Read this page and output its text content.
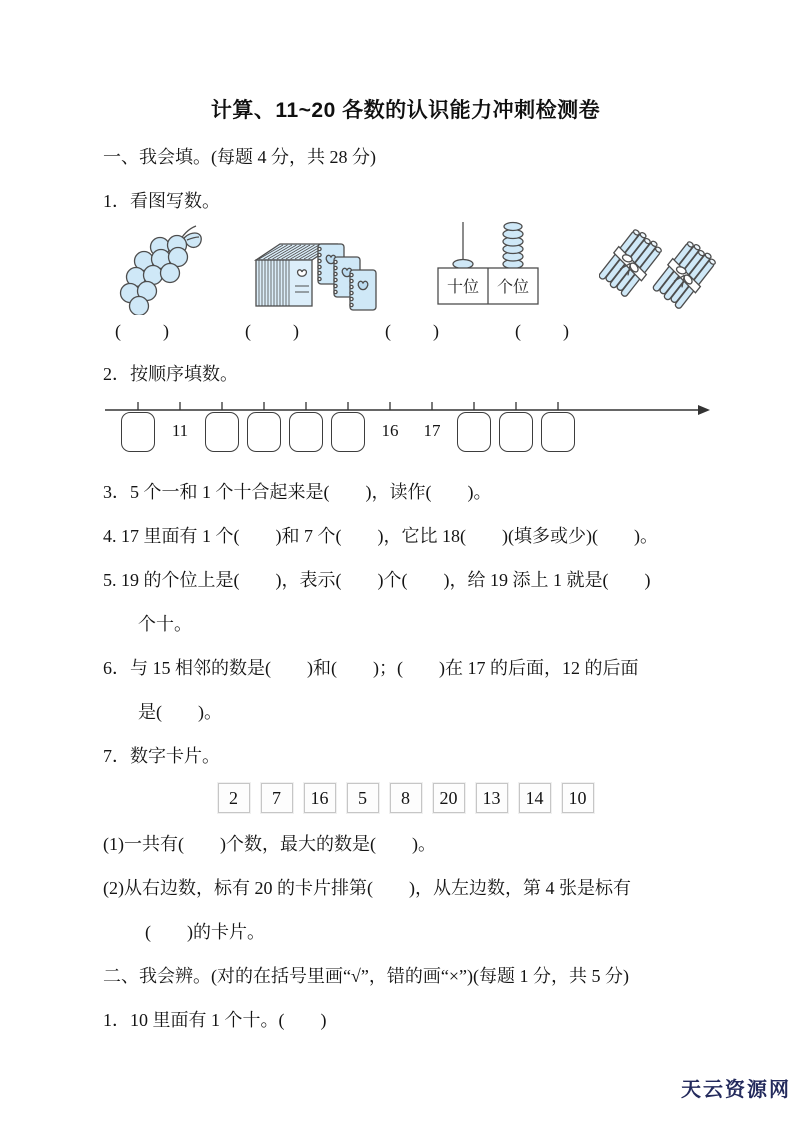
计算、11~20 各数的认识能力冲刺检测卷

一、我会填。(每题 4 分，共 28 分)

1．看图写数。

十位 个位
(　　)	(　　)	(　　)	(　　)

2．按顺序填数。

11	16	17

3．5 个一和 1 个十合起来是(　　)，读作(　　)。

4. 17 里面有 1 个(　　)和 7 个(　　)，它比 18(　　)(填多或少)(　　)。

5. 19 的个位上是(　　)，表示(　　)个(　　)，给 19 添上 1 就是(　　)

个十。

6．与 15 相邻的数是(　　)和(　　)；(　　)在 17 的后面，12 的后面

是(　　)。

7．数字卡片。

2 7 16 5 8 20 13 14 10

(1)一共有(　　)个数，最大的数是(　　)。

(2)从右边数，标有 20 的卡片排第(　　)，从左边数，第 4 张是标有

(　　)的卡片。

二、我会辨。(对的在括号里画“√”，错的画“×”)(每题 1 分，共 5 分)

1．10 里面有 1 个十。(　　)

天云资源网
